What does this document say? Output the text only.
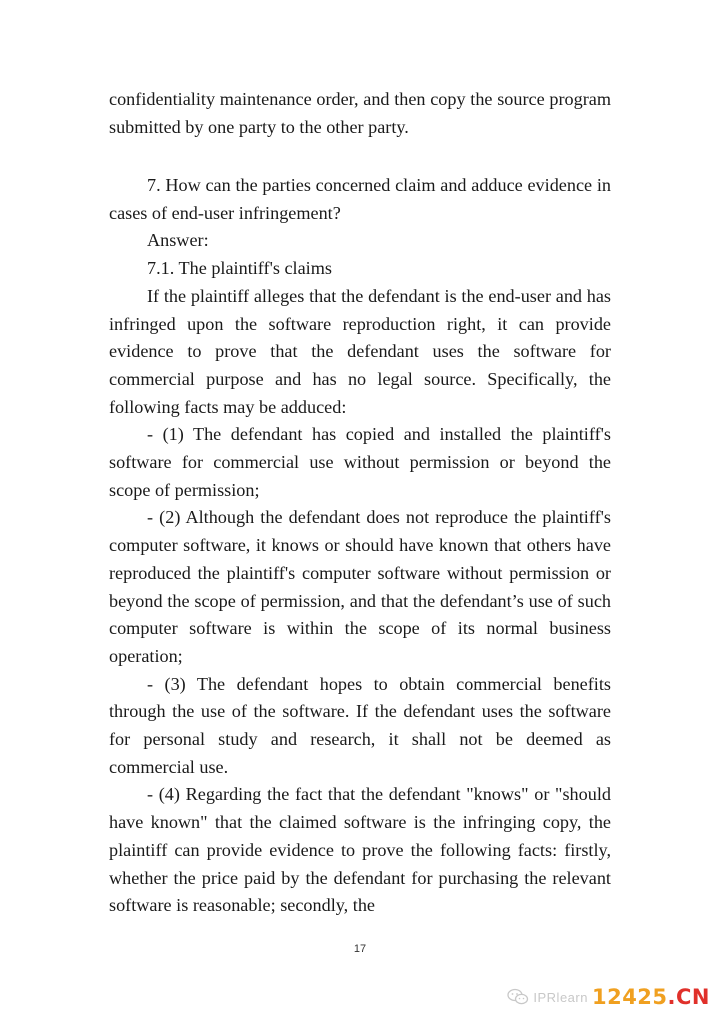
confidentiality maintenance order, and then copy the source program submitted by one party to the other party.

7. How can the parties concerned claim and adduce evidence in cases of end-user infringement?

Answer:

7.1. The plaintiff's claims

If the plaintiff alleges that the defendant is the end-user and has infringed upon the software reproduction right, it can provide evidence to prove that the defendant uses the software for commercial purpose and has no legal source. Specifically, the following facts may be adduced:

- (1) The defendant has copied and installed the plaintiff's software for commercial use without permission or beyond the scope of permission;

- (2) Although the defendant does not reproduce the plaintiff's computer software, it knows or should have known that others have reproduced the plaintiff's computer software without permission or beyond the scope of permission, and that the defendant’s use of such computer software is within the scope of its normal business operation;

- (3) The defendant hopes to obtain commercial benefits through the use of the software. If the defendant uses the software for personal study and research, it shall not be deemed as commercial use.

- (4) Regarding the fact that the defendant "knows" or "should have known" that the claimed software is the infringing copy, the plaintiff can provide evidence to prove the following facts: firstly, whether the price paid by the defendant for purchasing the relevant software is reasonable; secondly, the

17
IPRlearn 12425.CN
